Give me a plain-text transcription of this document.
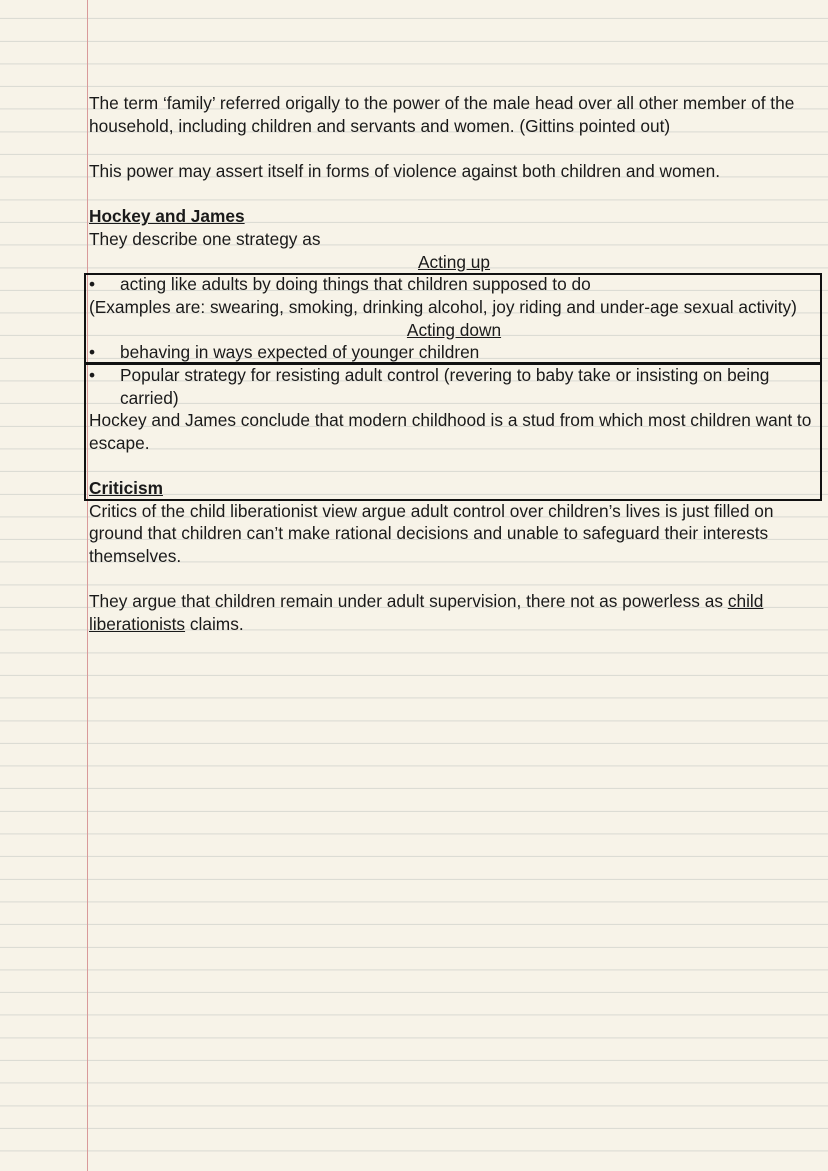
The term ‘family’ referred origally to the power of the male head over all other member of the household, including children and servants and women. (Gittins pointed out)
This power may assert itself in forms of violence against both children and women.
Hockey and James
They describe one strategy as
Acting up
•	acting like adults by doing things that children supposed to do
(Examples are: swearing, smoking, drinking alcohol, joy riding and under-age sexual activity)
Acting down
•	behaving in ways expected of younger children
•	Popular strategy for resisting adult control (revering to baby take or insisting on being carried)
Hockey and James conclude that modern childhood is a stud from which most children want to escape.
Criticism
Critics of the child liberationist view argue adult control over children’s lives is just filled on ground that children can’t make rational decisions and unable to safeguard their interests themselves.
They argue that children remain under adult supervision, there not as powerless as child liberationists claims.
